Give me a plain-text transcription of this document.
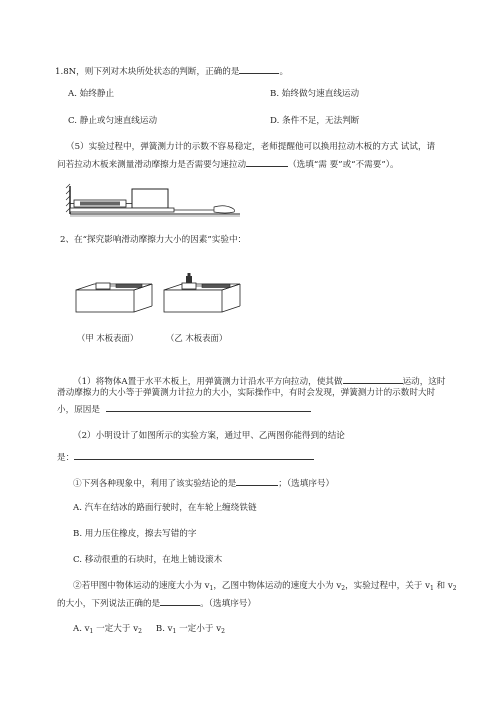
1.8N，则下列对木块所处状态的判断，正确的是	。
A. 始终静止	B. 始终做匀速直线运动
C. 静止或匀速直线运动	D. 条件不足，无法判断
（5）实验过程中，弹簧测力计的示数不容易稳定，老师提醒他可以换用拉动木板的方式 试试，请
问若拉动木板来测量滑动摩擦力是否需要匀速拉动	（选填“需 要”或“不需要”）。
2、在“探究影响滑动摩擦力大小的因素”实验中：
（甲 木板表面）	（乙 木板表面）
（1）将物体A置于水平木板上，用弹簧测力计沿水平方向拉动，使其做	运动，这时
滑动摩擦力的大小等于弹簧测力计拉力的大小，实际操作中，有时会发现，弹簧测力计的示数时大时
小，原因是
（2）小明设计了如图所示的实验方案，通过甲、乙两图你能得到的结论
是：
①下列各种现象中，利用了该实验结论的是	；（选填序号）
A. 汽车在结冰的路面行驶时，在车轮上缠绕铁链
B. 用力压住橡皮，擦去写错的字
C. 移动很重的石块时，在地上铺设滚木
②若甲图中物体运动的速度大小为 $v_1$，乙图中物体运动的速度大小为 $v_2$，实验过程中，关于 $v_1$ 和 $v_2$
的大小，下列说法正确的是	。（选填序号）
A. $v_1$ 一定大于 $v_2$ B. $v_1$ 一定小于 $v_2$
